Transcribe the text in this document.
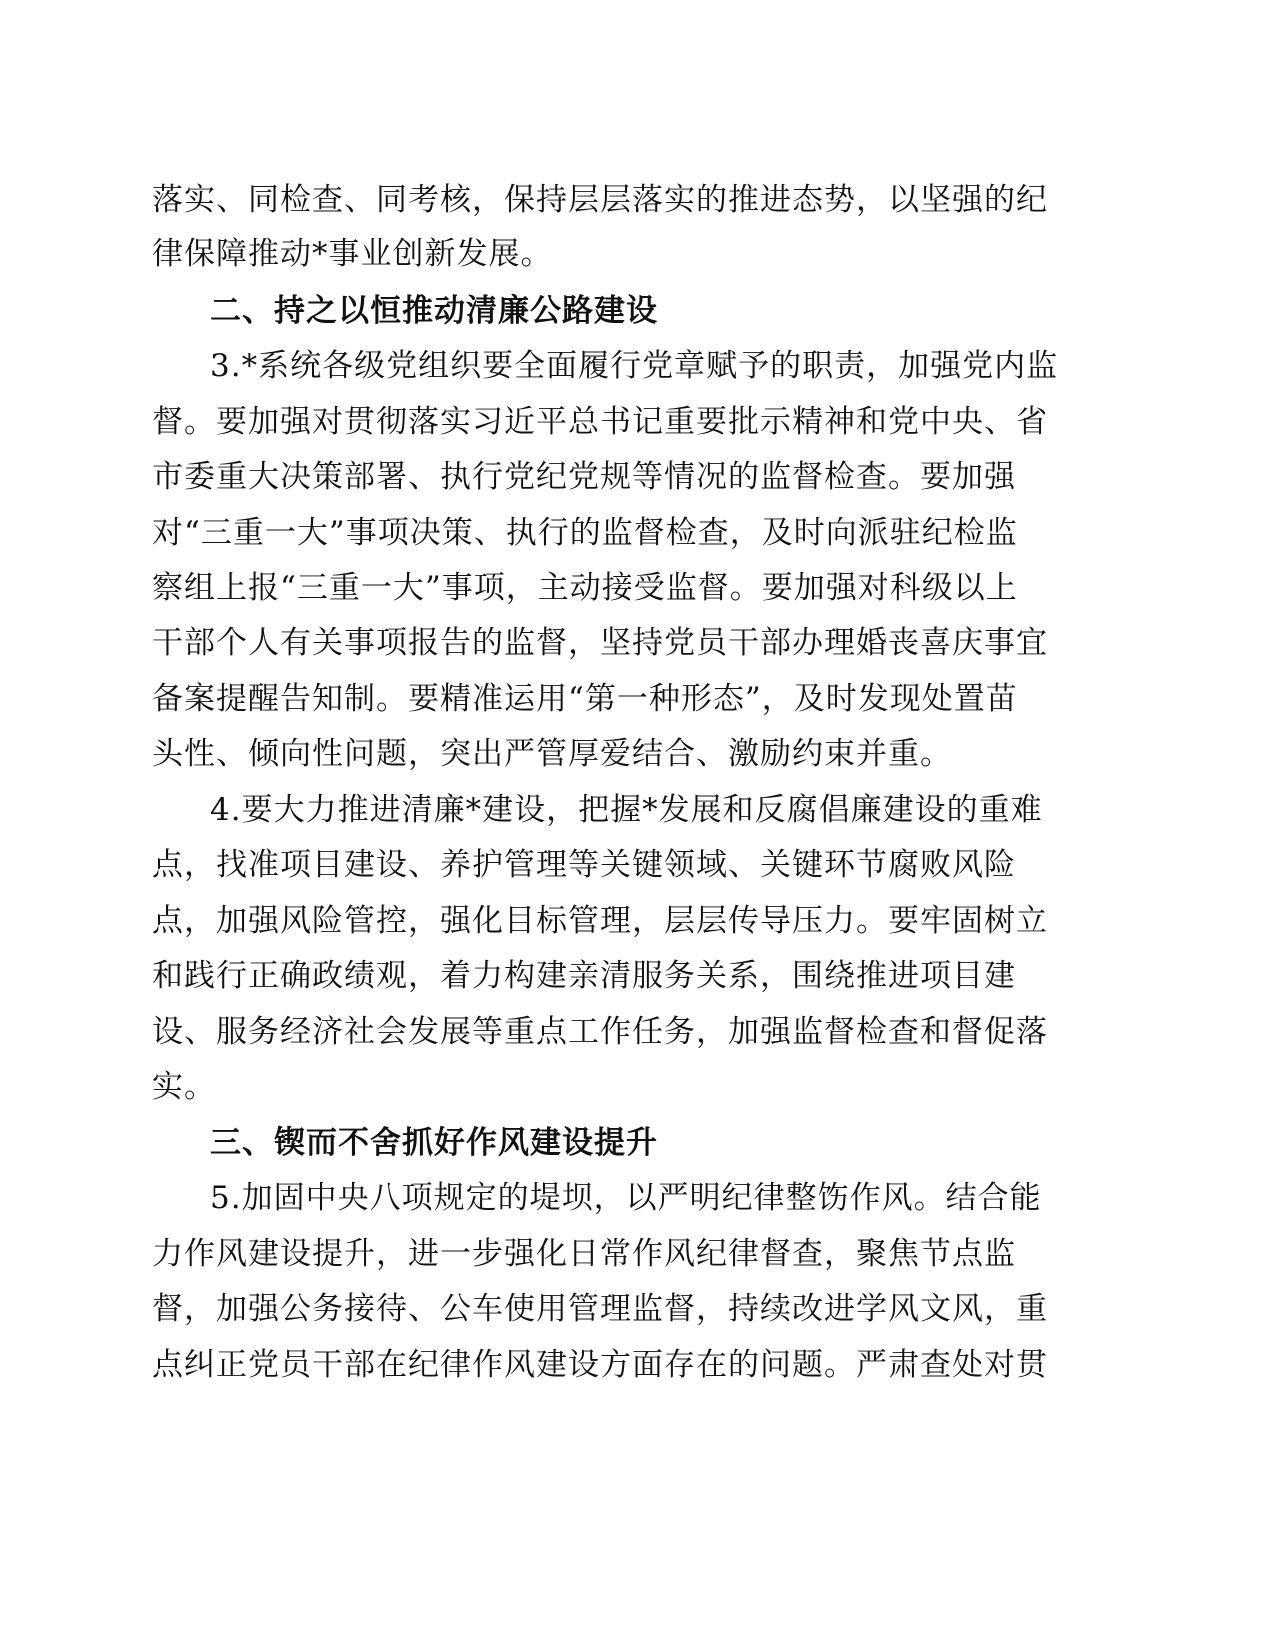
落实、同检查、同考核，保持层层落实的推进态势，以坚强的纪
律保障推动*事业创新发展。
二、持之以恒推动清廉公路建设
3.*系统各级党组织要全面履行党章赋予的职责，加强党内监
督。要加强对贯彻落实习近平总书记重要批示精神和党中央、省
市委重大决策部署、执行党纪党规等情况的监督检查。要加强
对“三重一大”事项决策、执行的监督检查，及时向派驻纪检监
察组上报“三重一大”事项，主动接受监督。要加强对科级以上
干部个人有关事项报告的监督，坚持党员干部办理婚丧喜庆事宜
备案提醒告知制。要精准运用“第一种形态”，及时发现处置苗
头性、倾向性问题，突出严管厚爱结合、激励约束并重。
4.要大力推进清廉*建设，把握*发展和反腐倡廉建设的重难
点，找准项目建设、养护管理等关键领域、关键环节腐败风险
点，加强风险管控，强化目标管理，层层传导压力。要牢固树立
和践行正确政绩观，着力构建亲清服务关系，围绕推进项目建
设、服务经济社会发展等重点工作任务，加强监督检查和督促落
实。
三、锲而不舍抓好作风建设提升
5.加固中央八项规定的堤坝，以严明纪律整饬作风。结合能
力作风建设提升，进一步强化日常作风纪律督查，聚焦节点监
督，加强公务接待、公车使用管理监督，持续改进学风文风，重
点纠正党员干部在纪律作风建设方面存在的问题。严肃查处对贯
